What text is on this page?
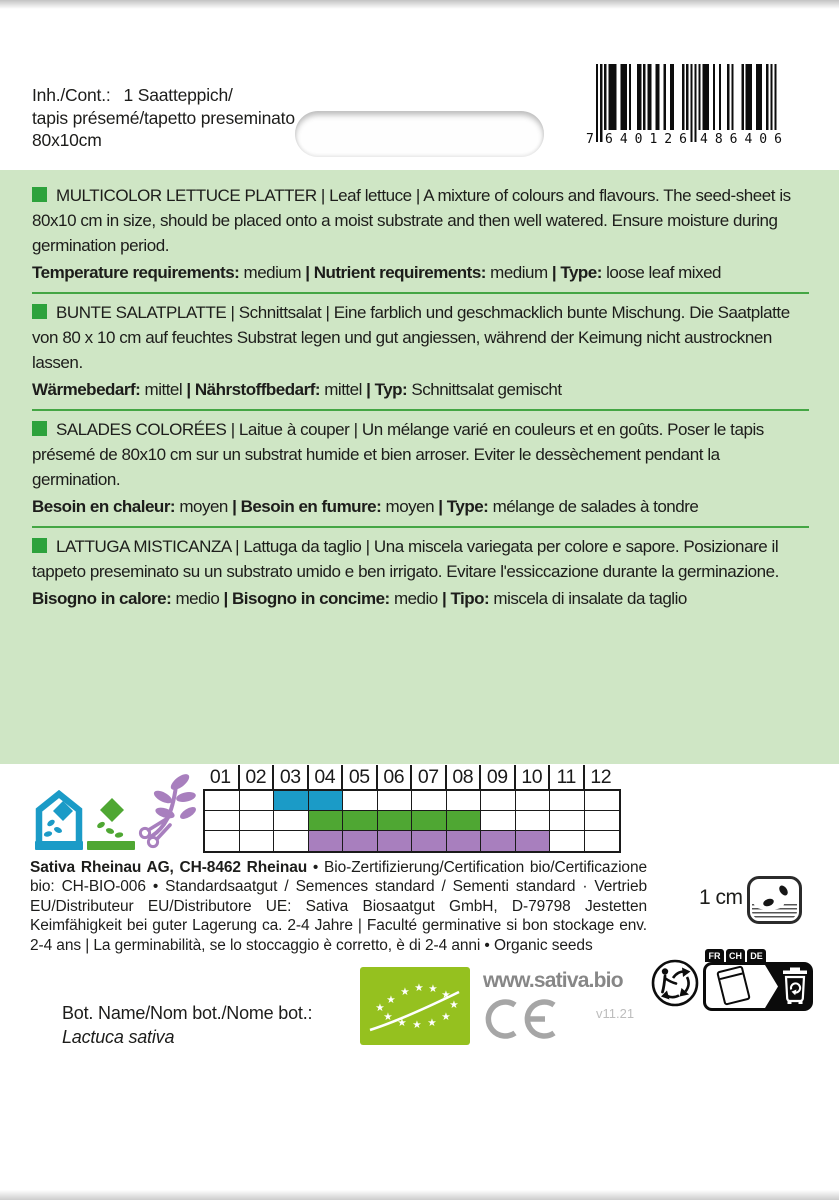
Inh./Cont.: 1 Saatteppich/
tapis présemé/tapetto preseminato
80x10cm	7 640126 486406

MULTICOLOR LETTUCE PLATTER | Leaf lettuce | A mixture of colours and flavours. The seed-sheet is 80x10 cm in size, should be placed onto a moist substrate and then well watered. Ensure moisture during germination period.

Temperature requirements: medium | Nutrient requirements: medium | Type: loose leaf mixed

BUNTE SALATPLATTE | Schnittsalat | Eine farblich und geschmacklich bunte Mischung. Die Saatplatte von 80 x 10 cm auf feuchtes Substrat legen und gut angiessen, während der Keimung nicht austrocknen lassen.

Wärmebedarf: mittel | Nährstoffbedarf: mittel | Typ: Schnittsalat gemischt

SALADES COLORÉES | Laitue à couper | Un mélange varié en couleurs et en goûts. Poser le tapis présemé de 80x10 cm sur un substrat humide et bien arroser. Eviter le dessèchement pendant la germination.

Besoin en chaleur: moyen | Besoin en fumure: moyen | Type: mélange de salades à tondre

LATTUGA MISTICANZA | Lattuga da taglio | Una miscela variegata per colore e sapore. Posizionare il tappeto preseminato su un substrato umido e ben irrigato. Evitare l'essiccazione durante la germinazione.

Bisogno in calore: medio | Bisogno in concime: medio | Tipo: miscela di insalate da taglio

01 02 03 04 05 06 07 08 09 10 11 12

Sativa Rheinau AG, CH-8462 Rheinau • Bio-Zertifizierung/Certification bio/Certificazione bio: CH-BIO-006 • Standardsaatgut / Semences standard / Sementi standard · Vertrieb EU/Distributeur EU/Distributore UE: Sativa Biosaatgut GmbH, D-79798 Jestetten Keimfähigkeit bei guter Lagerung ca. 2-4 Jahre | Faculté germinative si bon stockage env. 2-4 ans | La germinabilità, se lo stoccaggio è corretto, è di 2-4 anni • Organic seeds

1 cm
FR CH DE
★
★ ★ ★ ★
★
★
★
★
★
★
★
www.sativa.bio
v11.21
Bot. Name/Nom bot./Nome bot.:
Lactuca sativa
